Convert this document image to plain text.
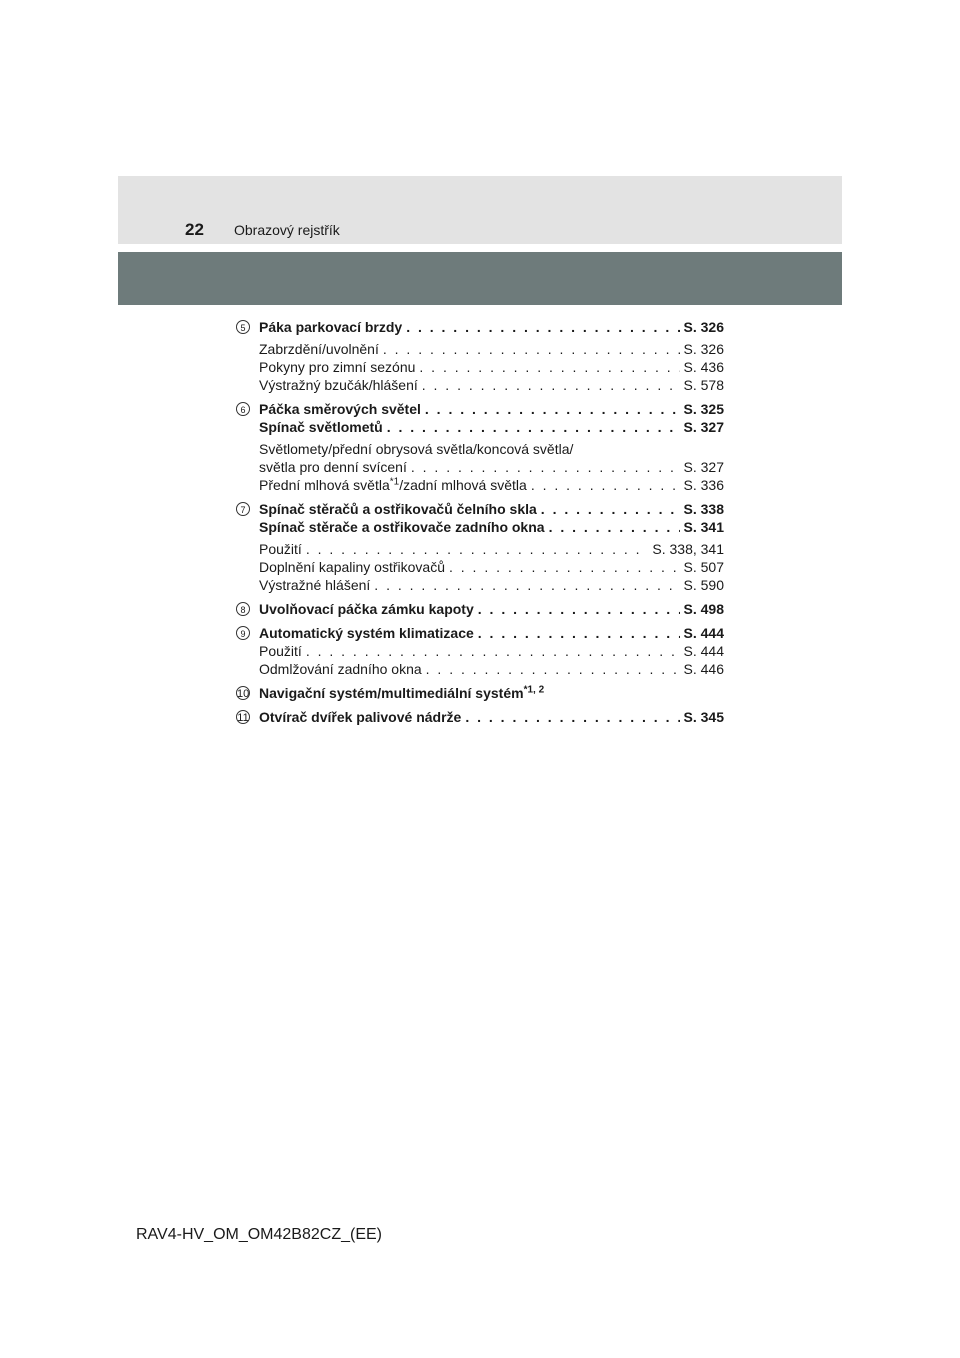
22 Obrazový rejstřík
5 Páka parkovací brzdy . . .	S. 326
Zabrzdění/uvolnění . . .	S. 326
Pokyny pro zimní sezónu . . .	S. 436
Výstražný bzučák/hlášení . . .	S. 578
6 Páčka směrových světel . . .	S. 325
Spínač světlometů . . .	S. 327
Světlomety/přední obrysová světla/koncová světla/
světla pro denní svícení . . .	S. 327
Přední mlhová světla$^{*1}$/zadní mlhová světla . . .	S. 336
7 Spínač stěračů a ostřikovačů čelního skla . . .	S. 338
Spínač stěrače a ostřikovače zadního okna . . .	S. 341
Použití . . .	S. 338, 341
Doplnění kapaliny ostřikovačů . . .	S. 507
Výstražné hlášení . . .	S. 590
8 Uvolňovací páčka zámku kapoty . . .	S. 498
9 Automatický systém klimatizace . . .	S. 444
Použití . . .	S. 444
Odmlžování zadního okna . . .	S. 446
10 Navigační systém/multimediální systém$^{*1, 2}$
11 Otvírač dvířek palivové nádrže . . .	S. 345
RAV4-HV_OM_OM42B82CZ_(EE)
